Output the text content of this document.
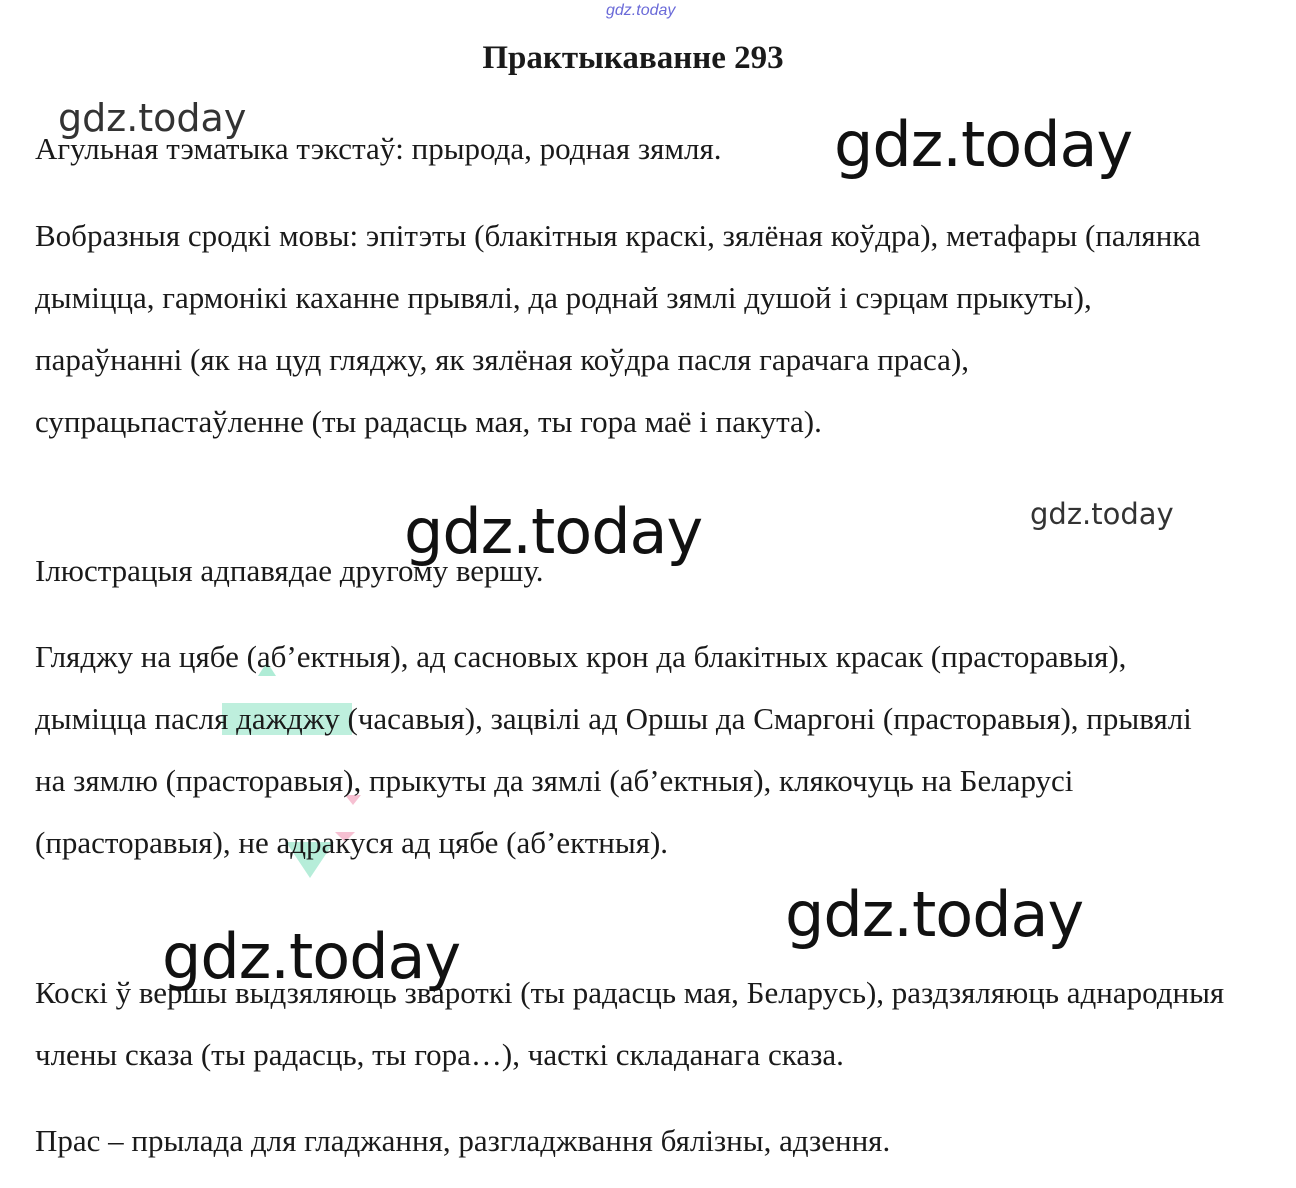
gdz.today
Практыкаванне 293

Агульная тэматыка тэкстаў: прырода, родная зямля.

Вобразныя сродкі мовы: эпітэты (блакітныя краскі, зялёная коўдра), метафары (палянка дыміцца, гармонікі каханне прывялі, да роднай зямлі душой і сэрцам прыкуты), параўнанні (як на цуд гляджу, як зялёная коўдра пасля гарачага праса), супрацьпастаўленне (ты радасць мая, ты гора маё і пакута).

Ілюстрацыя адпавядае другому вершу.

Гляджу на цябе (аб’ектныя), ад сасновых крон да блакітных красак (прасторавыя), дыміцца пасля дажджу (часавыя), зацвілі ад Оршы да Смаргоні (прасторавыя), прывялі на зямлю (прасторавыя), прыкуты да зямлі (аб’ектныя), клякочуць на Беларусі (прасторавыя), не адракуся ад цябе (аб’ектныя).

Коскі ў вершы выдзяляюць звароткі (ты радасць мая, Беларусь), раздзяляюць аднародныя члены сказа (ты радасць, ты гора…), часткі складанага сказа.

Прас – прылада для гладжання, разгладжвання бялізны, адзення.

gdz.today	gdz.today
gdz.today	gdz.today
gdz.today
gdz.today
